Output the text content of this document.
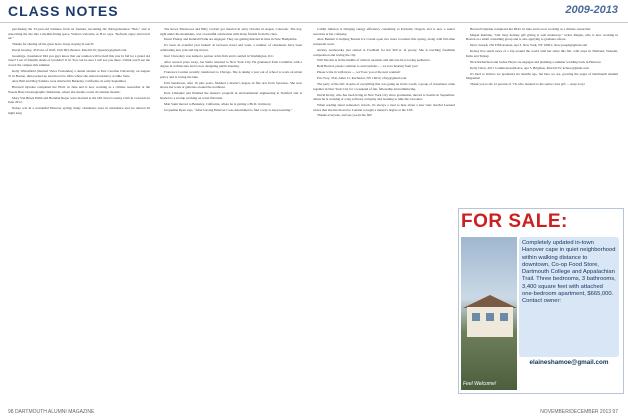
CLASS NOTES	2009-2013

purchasing the 33-year-old business from its founder, becoming the third-generation "Bob," and is renovating the site into a rhythm-fixing space. Visitors welcome, so B.O. says. "Refresh, enjoy and travel on."

Thanks for sharing all the great news. Keep staying in touch!

David Greeley, 43 Paws of Wolf, Unit 603, Boston, MA 02110; dgreeley@gmail.com

Greetings, classmates! Did you guys know that our reunion will be held this year in fall for a grand old class? Lots of friendly shade of lavender? It is! You can be sure I will see you there. I think you'll see me crowd the campus this summer.

Kelly Wittenfield (married Vince Fernandez) a dental student at East Carolina University, on August 31 in Boston, then packed up and moved to Ohio where she started residency at Ohio State.

Alex Ball and Meg Sanders were married in Berkeley, California, in early September.

Haverell Ojardau completed her Ph.D. in June and is now working as a climate researcher at the Woods Hole Oceanographic Institution, where she studies ocean circulation models.

Mary Van Bruen Hahn and Brendan Roper were married at the Old Town Country Club in Colorado in June 2012.

Nokey was in a wonderful Hanover spring; many classmates were in attendance and we danced all night long.

The Rowe Ellenwood and Billy Corbett got married in early October in Aspen, Colorado. The day, right under the mountains, was a beautiful celebration with many friends from the class.

Dawn Fisalay and Kendall Frank are engaged. They are getting married in June in New Hampshire.

It's been an eventful year indeed: in between travel and work, a number of classmates have been celebrating new jobs and big moves.

Kurt Chowdary was named a partner at his firm and is settled in Washington, D.C.

After several years away, Joe Settle returned to New York City. He graduated from Columbia with a degree in architecture and is now designing public housing.

Francesca Conlon recently transferred to Chicago. She is taking a year out of school to work on urban policy and is loving the lake.

Erin Sanderson, after 10 plus years, finished a master's degree in fine arts from Syracuse. She now shows her work at galleries around the northeast.

Kate Lindquist just finished the master's program in environmental engineering at Stanford and is headed to a startup working on water filtration.

Matt Saint moved to Berkeley, California, where he is getting a Ph.D. in history.

Jacqueline Ryan says, "After leaving Hanover I was determined to find a way to keep learning."

Caitlin Johnson is bringing energy efficiency consulting to Portland, Oregon, and is now a senior associate at her company.

Alex Bennett is helping Boston Ice Cream open two more locations this spring, along with full-time restaurant work.

Audrey Grabowsky just started at Fordham for her M.F.A. in poetry. She is teaching freshman composition and loving the city.

Will Sinclair is in the middle of clinical rotations and tells me he is loving pediatrics.

Beth Bouzal, please continue to send updates — we love hearing from you!

Please write in with news — we'll see you at the next reunion!

Eric Frey, 3541 Alder Ct, Rochester, NY 14612; efrey@gmail.com

The party of the fall: in spite of everything that was going on in the world, a group of classmates came together in New York City for a weekend of fun, fellowship and reminiscing.

David Kristy, who has been living in New York City since graduation, moved to Seattle in September, where he is working at a big software company and learning to hike the Cascades.

When reading about someone's travels, it's always a treat to hear about a new start. Rachel Leonard writes that she has moved to London to begin a master's degree at the LSE.

Thanks everyone, and see you in the fall!

Haverell Ojardau completed her Ph.D. in June and is now working as a climate researcher.

Megan Robbins, "Our busy holiday gift giving is well underway," writes Megan, who is now working in Boston at a small consulting group and is also applying to graduate school.

Drew Joseph, 256 Fifth Avenue, Apt 3, New York, NY 10001; drew.joseph@gmail.com

Kelsey Poe sends news of a trip around the world with her sister this fall, with stops in Thailand, Vietnam, India and Turkey.

Nick Richardson and Jackie Hoyle are engaged and planning a summer wedding back in Hanover.

Kelly Chew, 2017 Commonwealth Ave, Apt 5, Brighton, MA 02135; kchew@gmail.com

It's hard to believe we graduated six months ago, but here we are, growing the pages of Dartmouth Alumni Magazine!

Thank you to the 12 percent of '13s who donated to the senior class gift — keep it up!

FOR SALE:
Feel Welcome!
Completely updated in-town Hanover cape in quiet neighborhood within walking distance to downtown, Co-op Food Store, Dartmouth College and Appalachian Trail. Three bedrooms, 3 bathrooms, 3,400 square feet with attached one-bedroom apartment, $665,000. Contact owner:
elaineshamoe@gmail.com
98 DARTMOUTH ALUMNI MAGAZINE	NOVEMBER/DECEMBER 2013 97
